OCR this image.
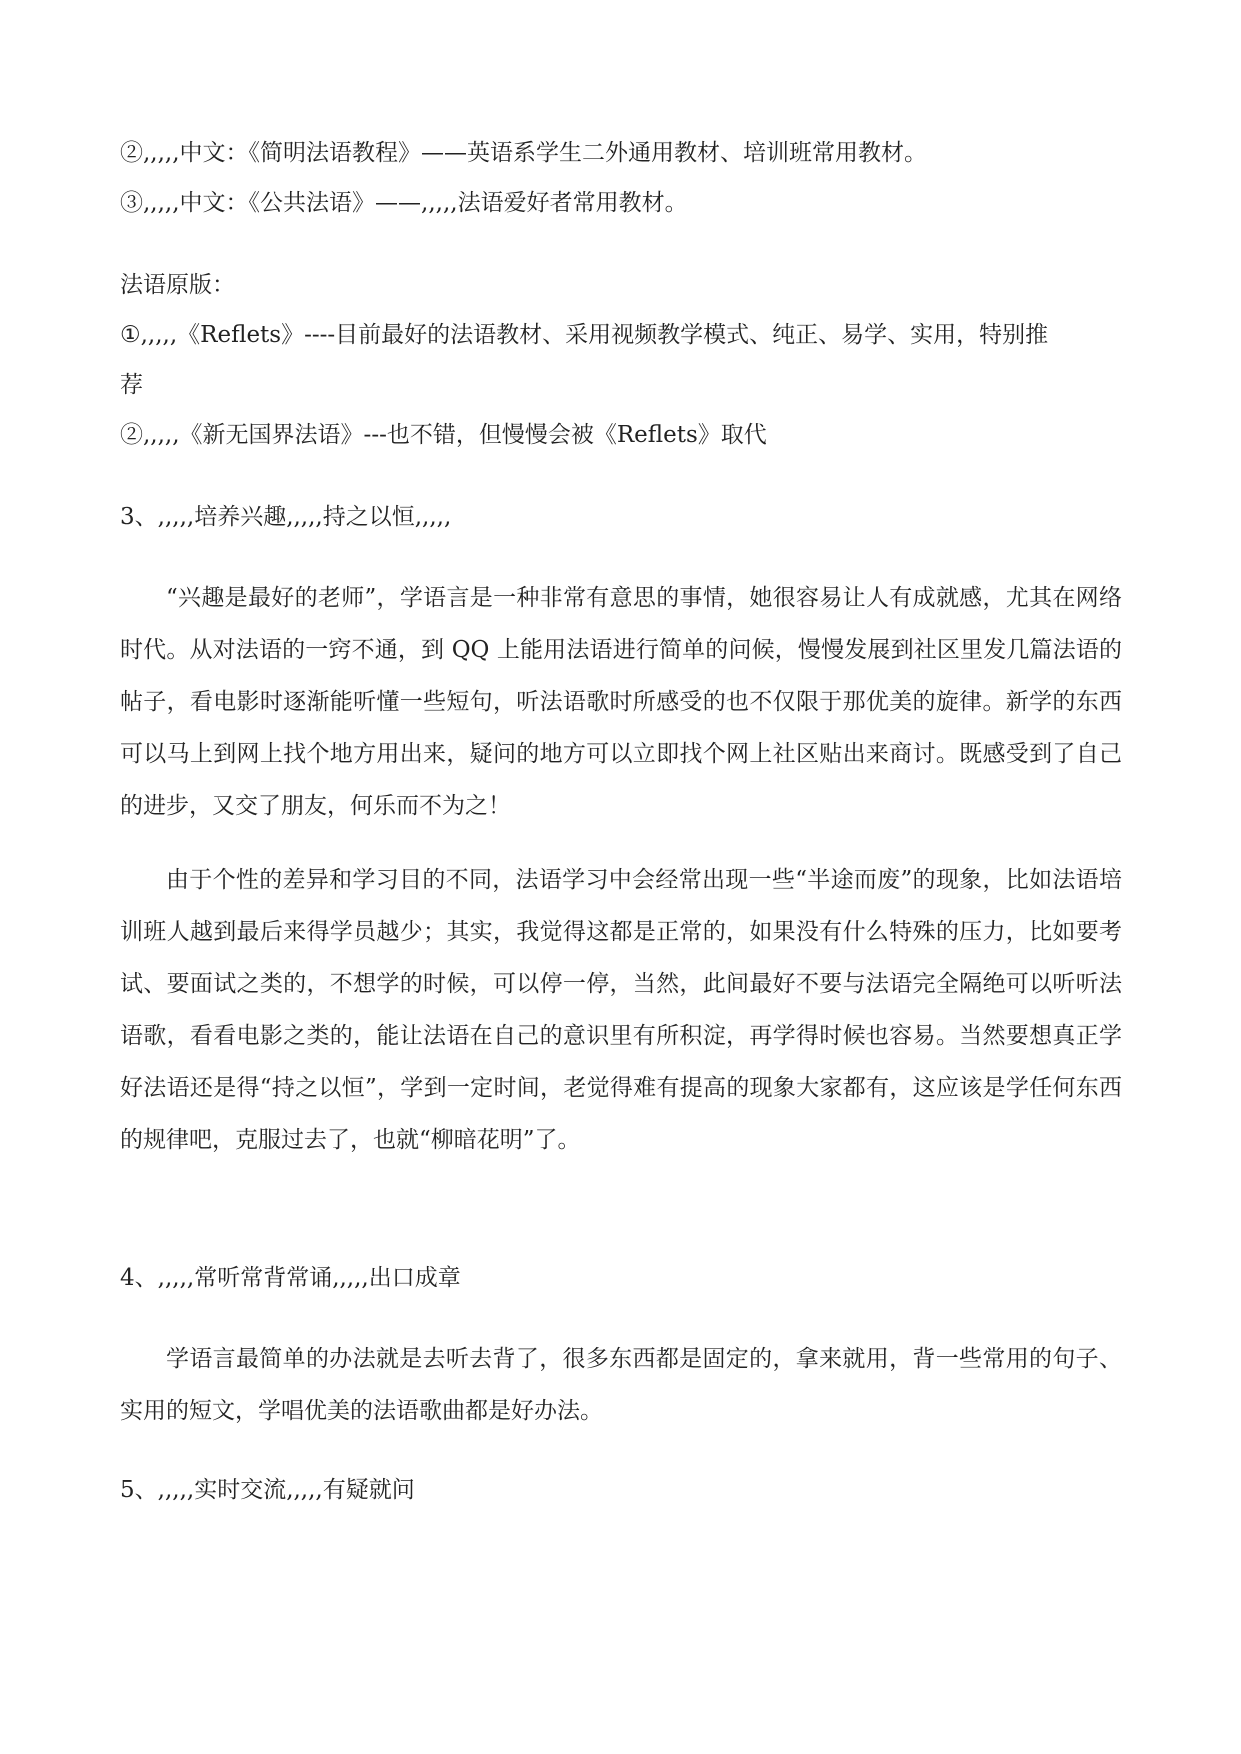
②,,,,,中文：《简明法语教程》——英语系学生二外通用教材、培训班常用教材。
③,,,,,中文：《公共法语》——,,,,,法语爱好者常用教材。
法语原版：
①,,,,,《Reflets》----目前最好的法语教材、采用视频教学模式、纯正、易学、实用，特别推
荐
②,,,,,《新无国界法语》---也不错，但慢慢会被《Reflets》取代
3、,,,,,培养兴趣,,,,,持之以恒,,,,,
“兴趣是最好的老师”，学语言是一种非常有意思的事情，她很容易让人有成就感，尤其在网络时代。从对法语的一窍不通，到 QQ 上能用法语进行简单的问候，慢慢发展到社区里发几篇法语的帖子，看电影时逐渐能听懂一些短句，听法语歌时所感受的也不仅限于那优美的旋律。新学的东西可以马上到网上找个地方用出来，疑问的地方可以立即找个网上社区贴出来商讨。既感受到了自己的进步，又交了朋友，何乐而不为之！
由于个性的差异和学习目的不同，法语学习中会经常出现一些“半途而废”的现象，比如法语培训班人越到最后来得学员越少；其实，我觉得这都是正常的，如果没有什么特殊的压力，比如要考试、要面试之类的，不想学的时候，可以停一停，当然，此间最好不要与法语完全隔绝可以听听法语歌，看看电影之类的，能让法语在自己的意识里有所积淀，再学得时候也容易。当然要想真正学好法语还是得“持之以恒”，学到一定时间，老觉得难有提高的现象大家都有，这应该是学任何东西的规律吧，克服过去了，也就“柳暗花明”了。
4、,,,,,常听常背常诵,,,,,出口成章
学语言最简单的办法就是去听去背了，很多东西都是固定的，拿来就用，背一些常用的句子、实用的短文，学唱优美的法语歌曲都是好办法。
5、,,,,,实时交流,,,,,有疑就问
